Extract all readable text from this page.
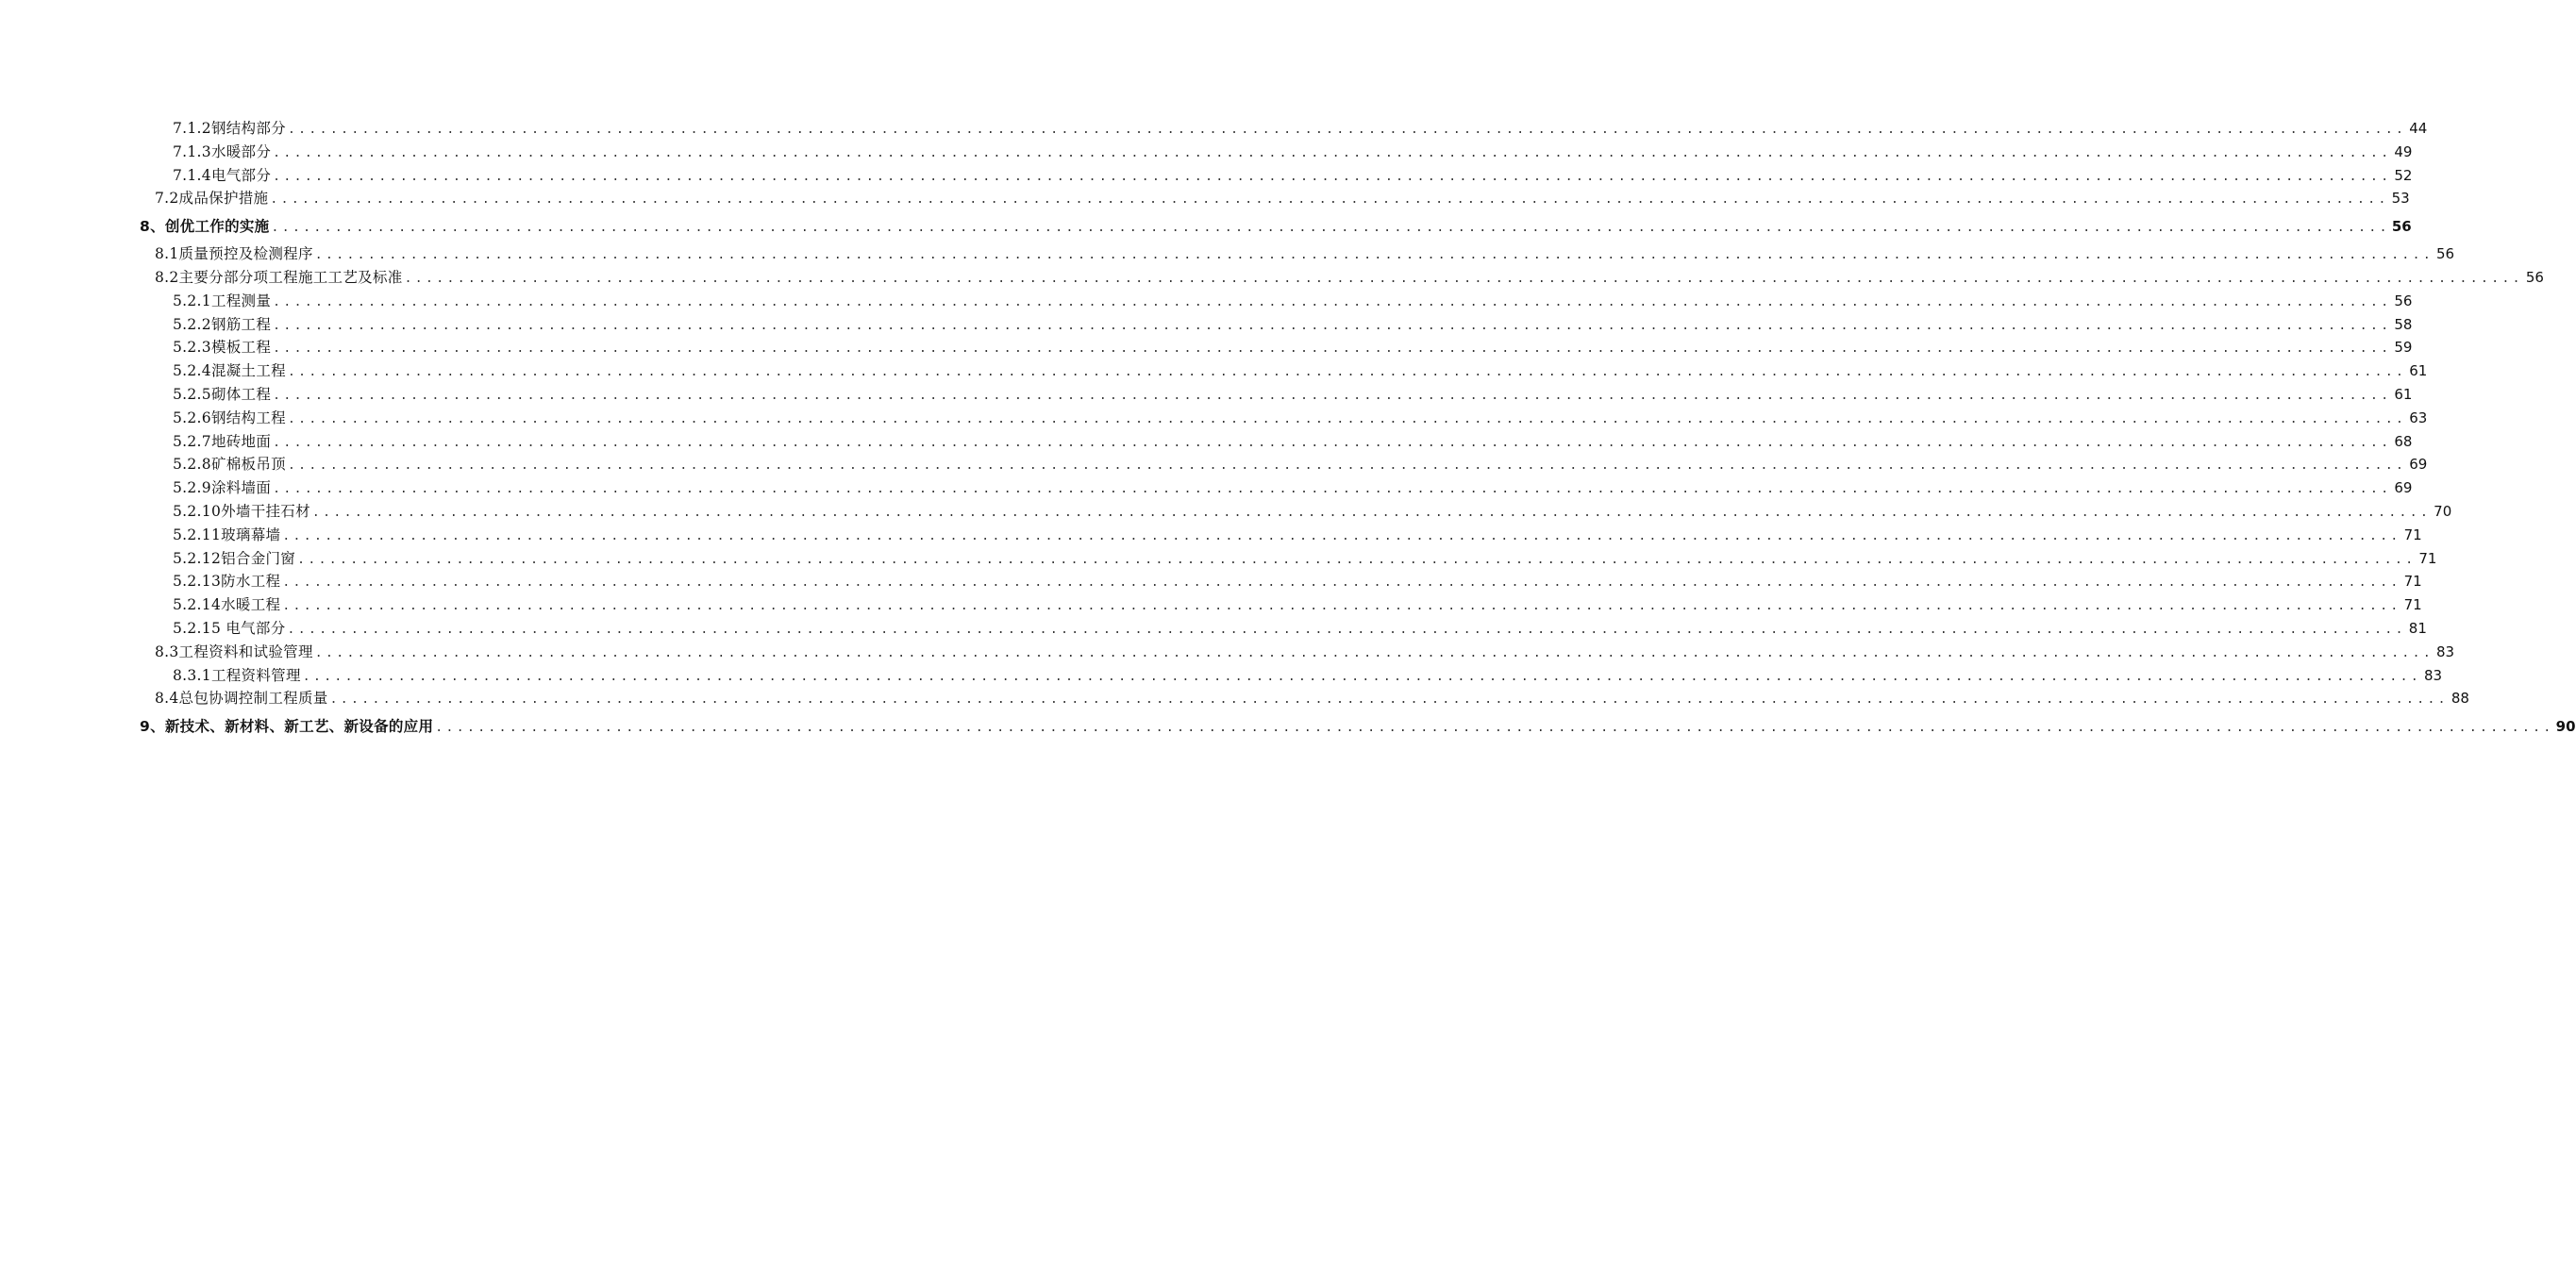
7.1.2钢结构部分 ........................................................................................................................................................................................................ 44
7.1.3水暖部分 ........................................................................................................................................................................................................ 49
7.1.4电气部分 ........................................................................................................................................................................................................ 52
7.2成品保护措施 ........................................................................................................................................................................................................ 53
8、创优工作的实施 ........................................................................................................................................................................................................ 56
8.1质量预控及检测程序 ........................................................................................................................................................................................................ 56
8.2主要分部分项工程施工工艺及标准 ........................................................................................................................................................................................................ 56
5.2.1工程测量 ........................................................................................................................................................................................................ 56
5.2.2钢筋工程 ........................................................................................................................................................................................................ 58
5.2.3模板工程 ........................................................................................................................................................................................................ 59
5.2.4混凝土工程 ........................................................................................................................................................................................................ 61
5.2.5砌体工程 ........................................................................................................................................................................................................ 61
5.2.6钢结构工程 ........................................................................................................................................................................................................ 63
5.2.7地砖地面 ........................................................................................................................................................................................................ 68
5.2.8矿棉板吊顶 ........................................................................................................................................................................................................ 69
5.2.9涂料墙面 ........................................................................................................................................................................................................ 69
5.2.10外墙干挂石材 ........................................................................................................................................................................................................ 70
5.2.11玻璃幕墙 ........................................................................................................................................................................................................ 71
5.2.12铝合金门窗 ........................................................................................................................................................................................................ 71
5.2.13防水工程 ........................................................................................................................................................................................................ 71
5.2.14水暖工程 ........................................................................................................................................................................................................ 71
5.2.15 电气部分 ........................................................................................................................................................................................................ 81
8.3工程资料和试验管理 ........................................................................................................................................................................................................ 83
8.3.1工程资料管理 ........................................................................................................................................................................................................ 83
8.4总包协调控制工程质量 ........................................................................................................................................................................................................ 88
9、新技术、新材料、新工艺、新设备的应用 ........................................................................................................................................................................................................ 90
